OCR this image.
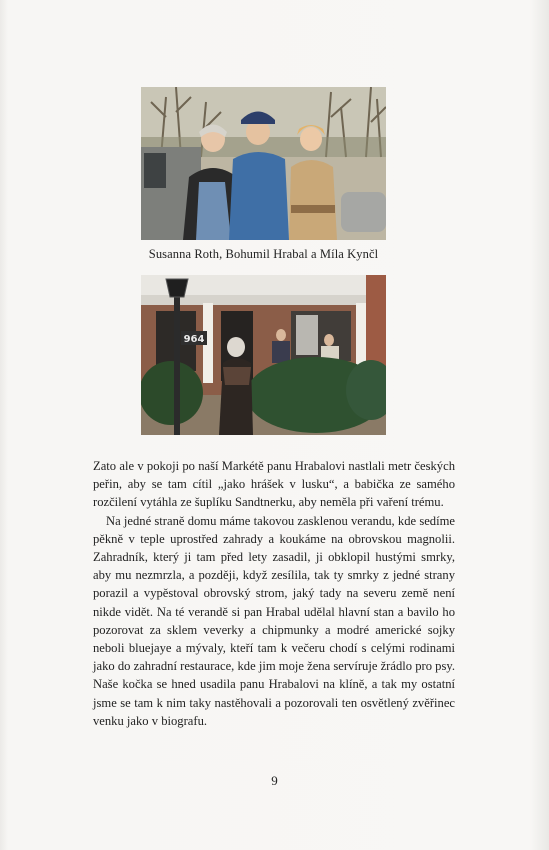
Susanna Roth, Bohumil Hrabal a Míla Kynčl
964

Zato ale v pokoji po naší Markétě panu Hrabalovi nastlali metr českých peřin, aby se tam cítil „jako hrášek v lusku“, a babička ze samého rozčilení vytáhla ze šuplíku Sandtnerku, aby neměla při vaření trému.

Na jedné straně domu máme takovou zasklenou verandu, kde sedíme pěkně v teple uprostřed zahrady a koukáme na obrovskou magnolii. Zahradník, který ji tam před lety zasadil, ji obklopil hustými smrky, aby mu nezmrzla, a později, když zesílila, tak ty smrky z jedné strany porazil a vypěstoval obrovský strom, jaký tady na severu země není nikde vidět. Na té verandě si pan Hrabal udělal hlavní stan a bavilo ho pozorovat za sklem veverky a chipmunky a modré americké sojky neboli bluejaye a mývaly, kteří tam k večeru chodí s celými rodinami jako do zahradní restaurace, kde jim moje žena servíruje žrádlo pro psy. Naše kočka se hned usadila panu Hrabalovi na klíně, a tak my ostatní jsme se tam k nim taky nastěhovali a pozorovali ten osvětlený zvěřinec venku jako v biografu.

9
